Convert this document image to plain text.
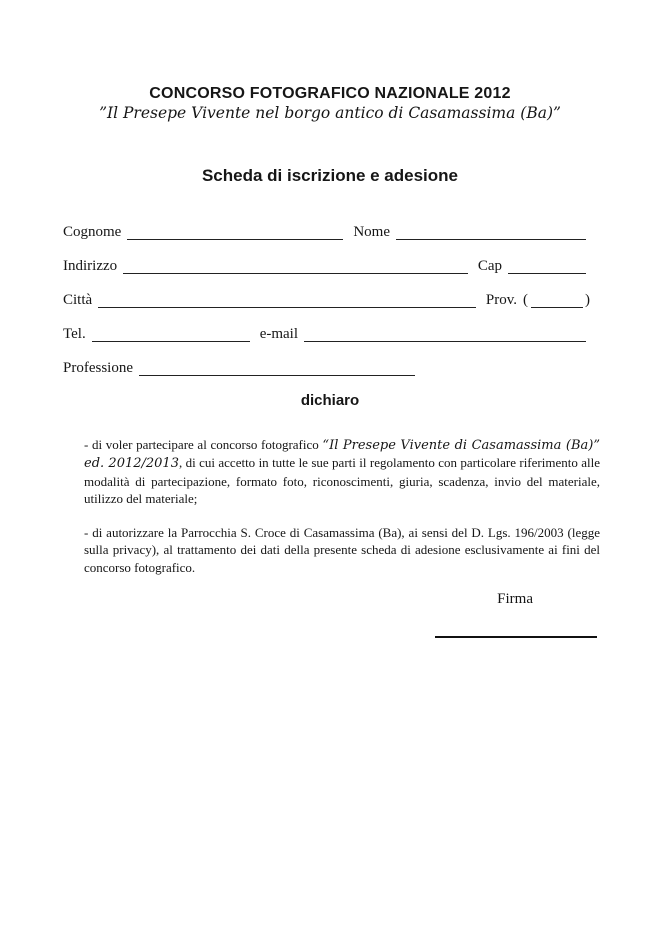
CONCORSO FOTOGRAFICO NAZIONALE 2012
”Il Presepe Vivente nel borgo antico di Casamassima (Ba)”
Scheda di iscrizione e adesione
Cognome	Nome
Indirizzo	Cap
Città	Prov. (	)
Tel.	e-mail
Professione
dichiaro
- di voler partecipare al concorso fotografico “Il Presepe Vivente di Casamassima (Ba)” ed. 2012/2013, di cui accetto in tutte le sue parti il regolamento con particolare riferimento alle modalità di partecipazione, formato foto, riconoscimenti, giuria, scadenza, invio del materiale, utilizzo del materiale;
- di autorizzare la Parrocchia S. Croce di Casamassima (Ba), ai sensi del D. Lgs. 196/2003 (legge sulla privacy), al trattamento dei dati della presente scheda di adesione esclusivamente ai fini del concorso fotografico.
Firma
